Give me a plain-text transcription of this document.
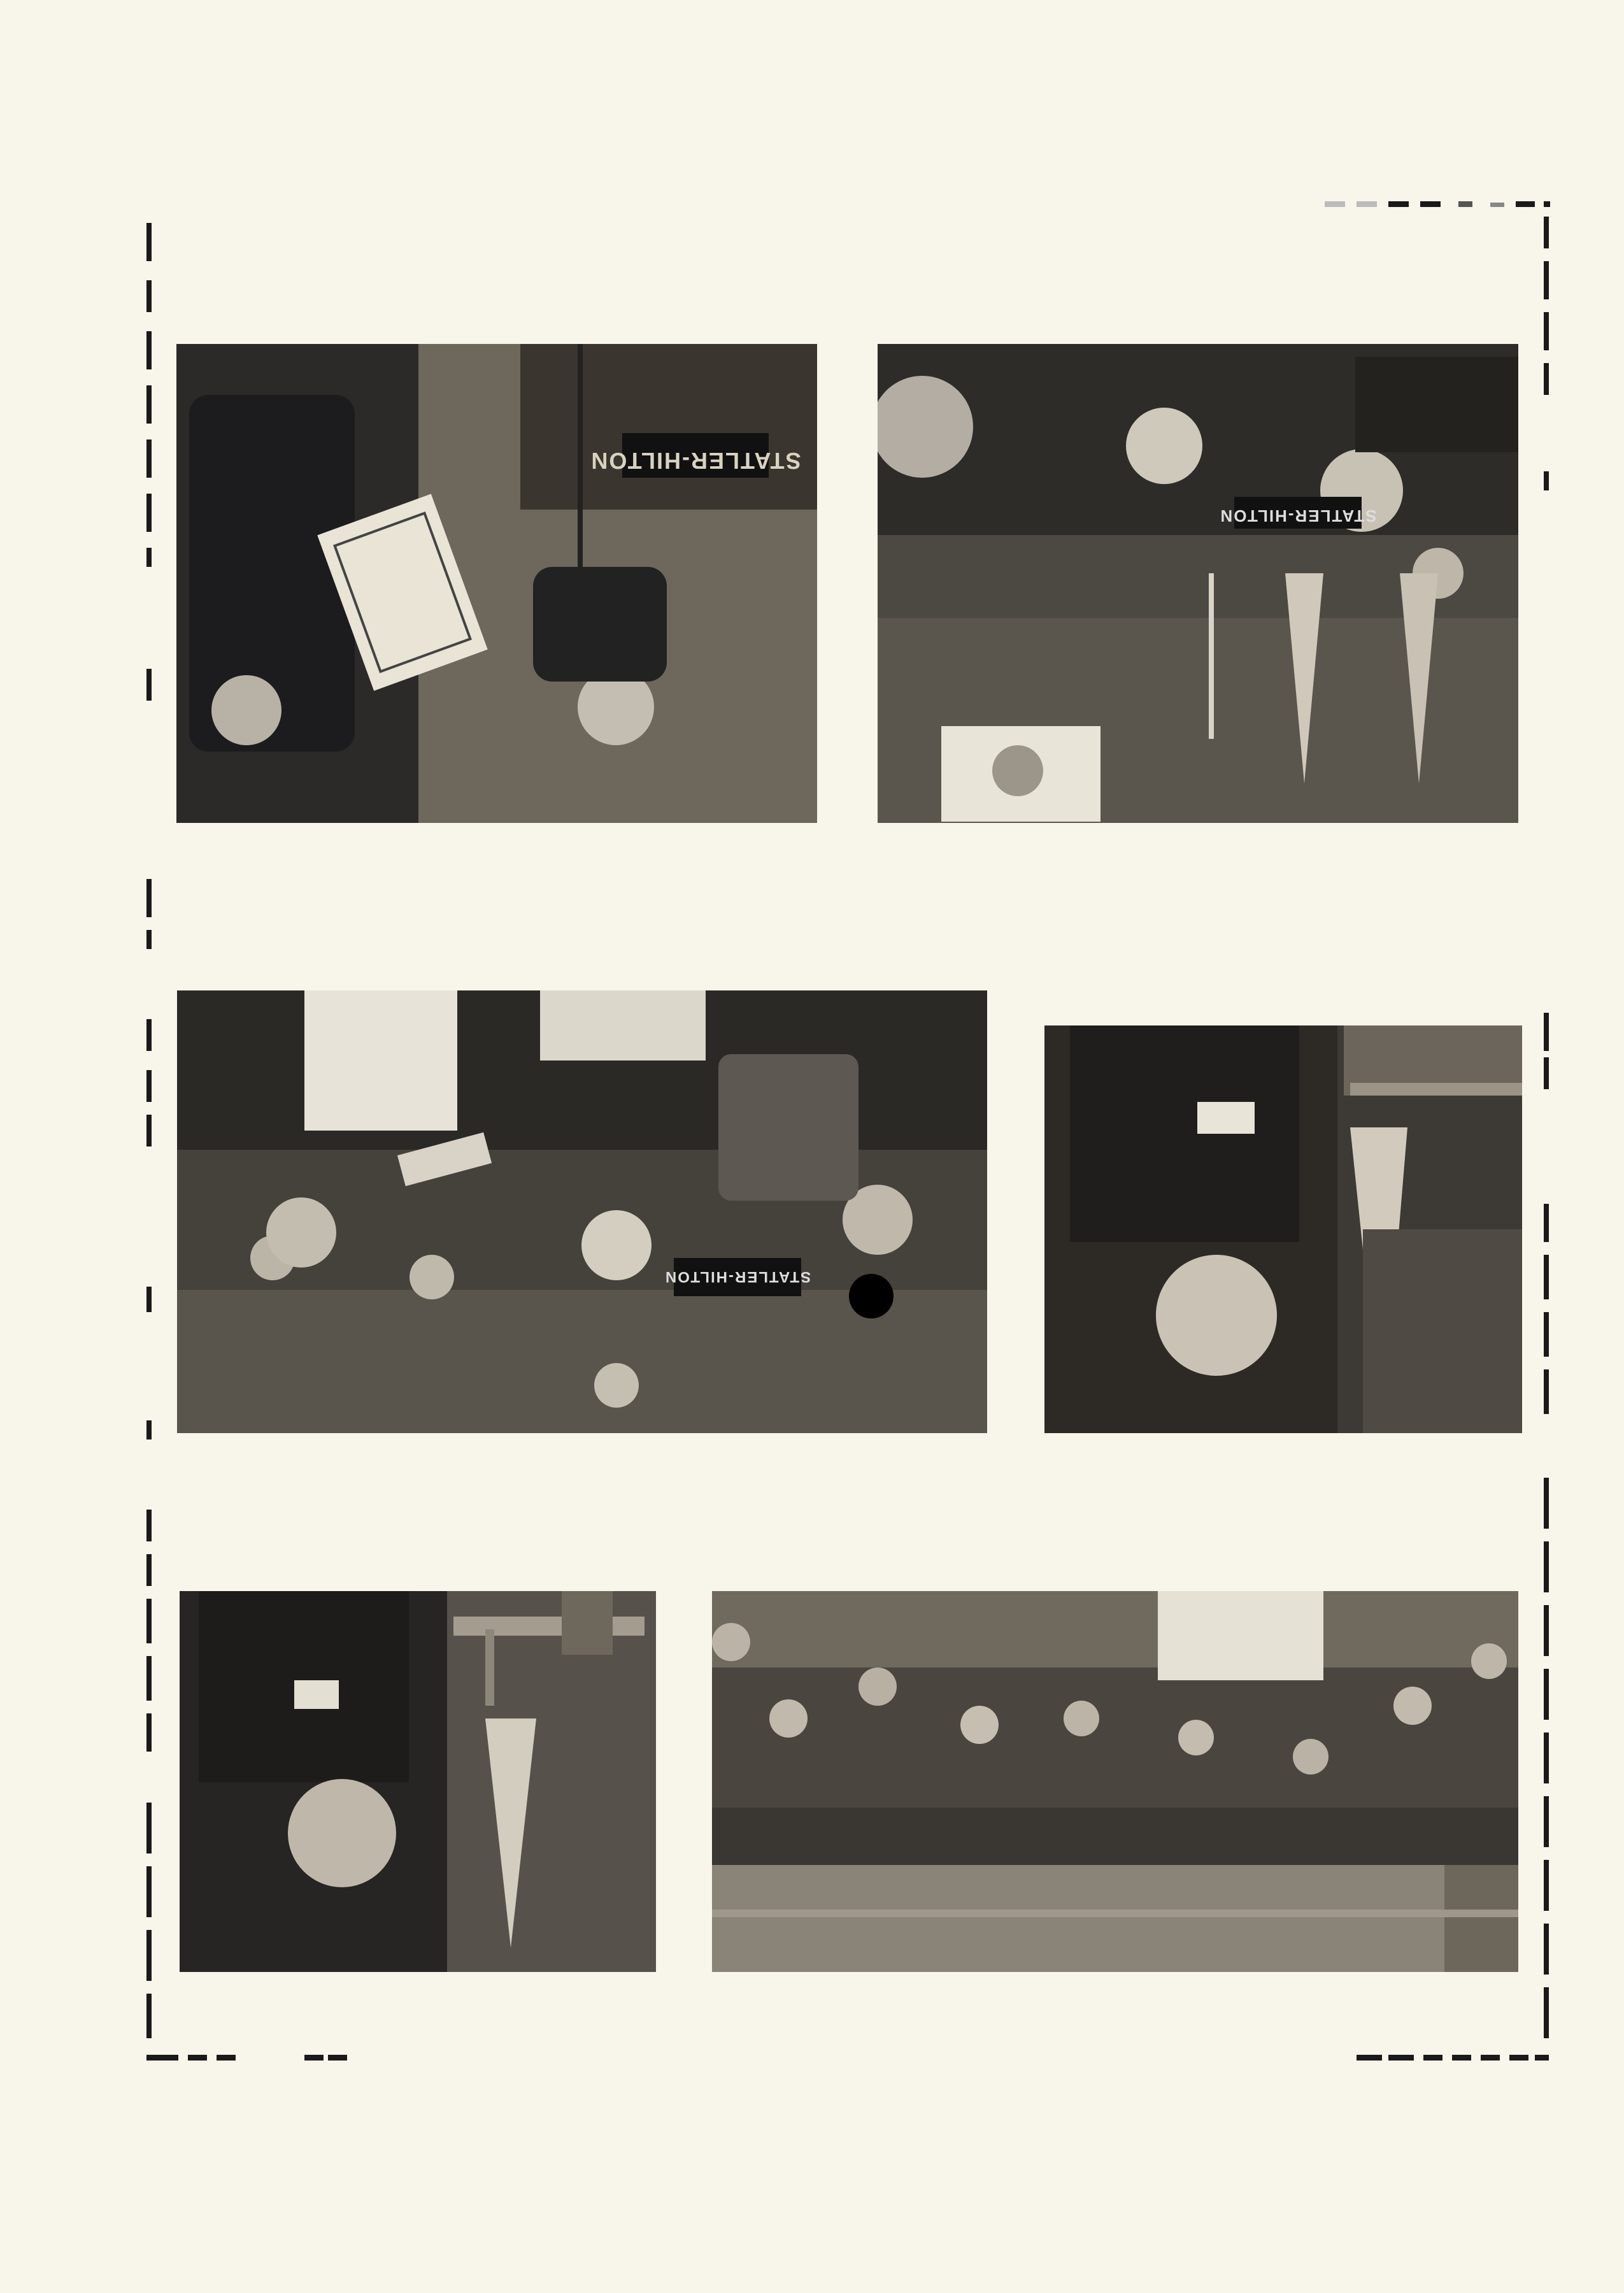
STATLER-HILTON
STATLER-HILTON
STATLER-HILTON
